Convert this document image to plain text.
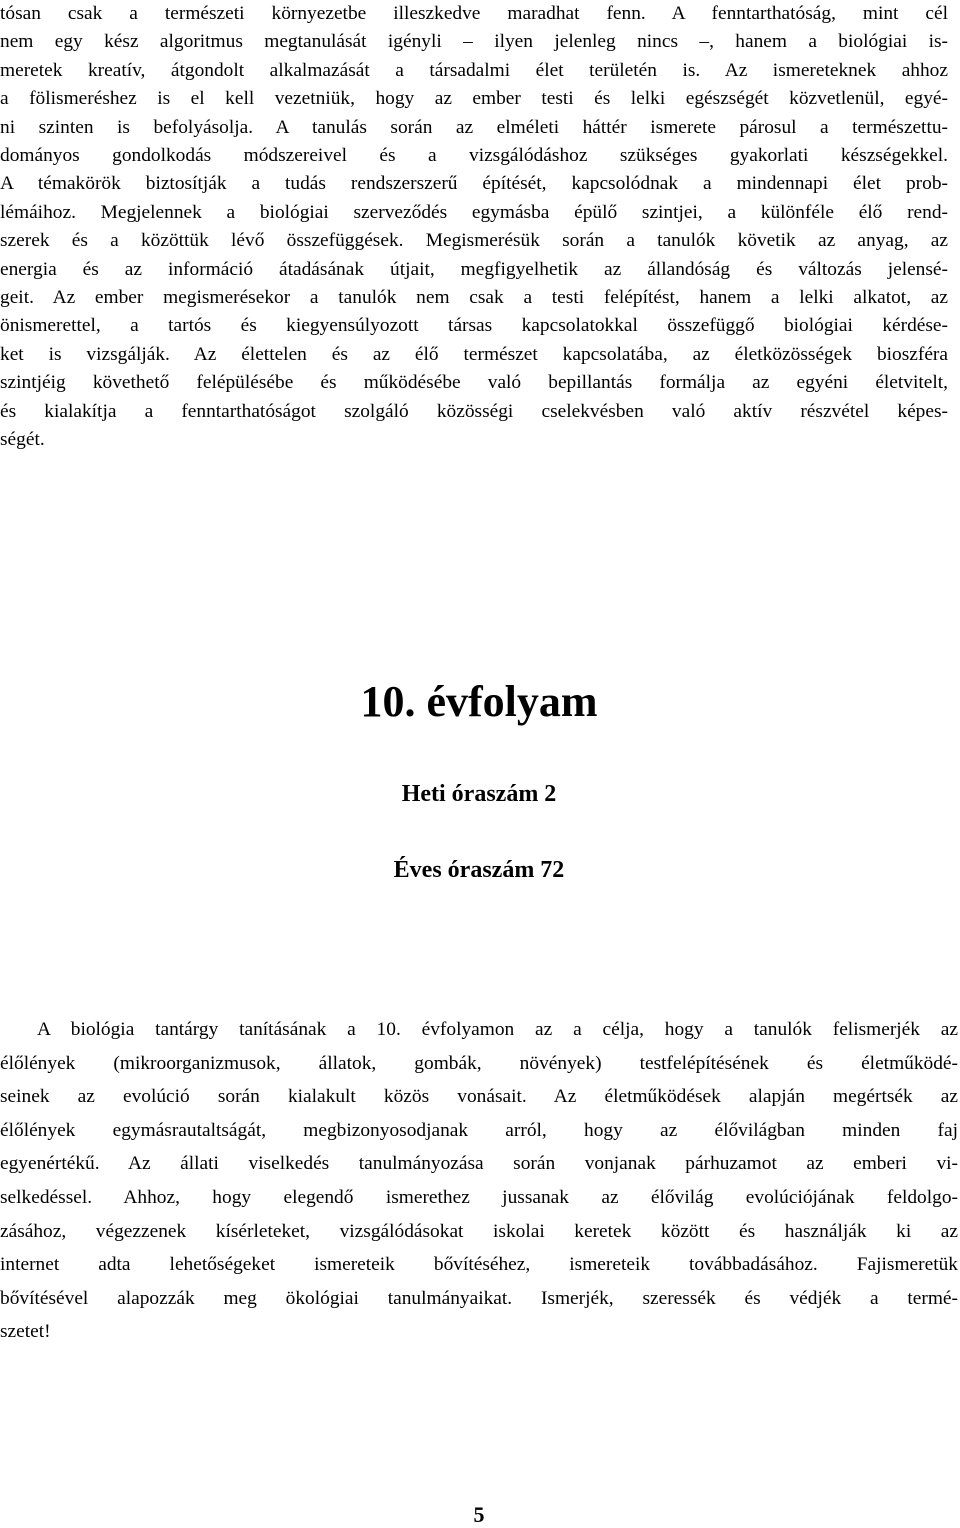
tósan csak a természeti környezetbe illeszkedve maradhat fenn. A fenntarthatóság, mint cél
nem egy kész algoritmus megtanulását igényli – ilyen jelenleg nincs –, hanem a biológiai is-
meretek kreatív, átgondolt alkalmazását a társadalmi élet területén is. Az ismereteknek ahhoz
a fölismeréshez is el kell vezetniük, hogy az ember testi és lelki egészségét közvetlenül, egyé-
ni szinten is befolyásolja. A tanulás során az elméleti háttér ismerete párosul a természettu-
dományos gondolkodás módszereivel és a vizsgálódáshoz szükséges gyakorlati készségekkel.
A témakörök biztosítják a tudás rendszerszerű építését, kapcsolódnak a mindennapi élet prob-
lémáihoz. Megjelennek a biológiai szerveződés egymásba épülő szintjei, a különféle élő rend-
szerek és a közöttük lévő összefüggések. Megismerésük során a tanulók követik az anyag, az
energia és az információ átadásának útjait, megfigyelhetik az állandóság és változás jelensé-
geit. Az ember megismerésekor a tanulók nem csak a testi felépítést, hanem a lelki alkatot, az
önismerettel, a tartós és kiegyensúlyozott társas kapcsolatokkal összefüggő biológiai kérdése-
ket is vizsgálják. Az élettelen és az élő természet kapcsolatába, az életközösségek bioszféra
szintjéig követhető felépülésébe és működésébe való bepillantás formálja az egyéni életvitelt,
és kialakítja a fenntarthatóságot szolgáló közösségi cselekvésben való aktív részvétel képes-
ségét.

10. évfolyam
Heti óraszám 2
Éves óraszám 72

A biológia tantárgy tanításának a 10. évfolyamon az a célja, hogy a tanulók felismerjék az
élőlények (mikroorganizmusok, állatok, gombák, növények) testfelépítésének és életműködé-
seinek az evolúció során kialakult közös vonásait. Az életműködések alapján megértsék az
élőlények egymásrautaltságát, megbizonyosodjanak arról, hogy az élővilágban minden faj
egyenértékű. Az állati viselkedés tanulmányozása során vonjanak párhuzamot az emberi vi-
selkedéssel. Ahhoz, hogy elegendő ismerethez jussanak az élővilág evolúciójának feldolgo-
zásához, végezzenek kísérleteket, vizsgálódásokat iskolai keretek között és használják ki az
internet adta lehetőségeket ismereteik bővítéséhez, ismereteik továbbadásához. Fajismeretük
bővítésével alapozzák meg ökológiai tanulmányaikat. Ismerjék, szeressék és védjék a termé-
szetet!

5
